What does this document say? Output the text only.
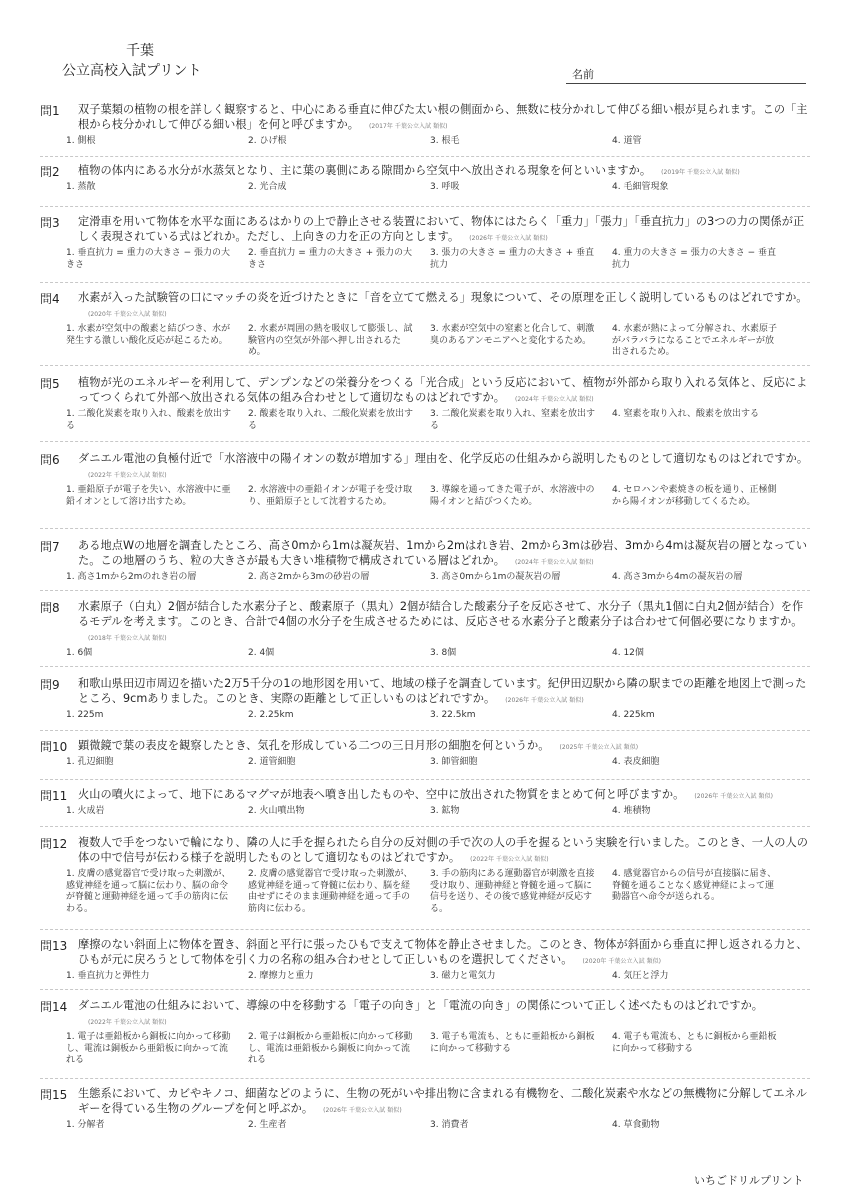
千葉
公立高校入試プリント	名前
問1	双子葉類の植物の根を詳しく観察すると、中心にある垂直に伸びた太い根の側面から、無数に枝分かれして伸びる細い根が見られます。この「主根から枝分かれして伸びる細い根」を何と呼びますか。 (2017年 千葉公立入試 類似)
1. 側根	2. ひげ根	3. 根毛	4. 道管
問2	植物の体内にある水分が水蒸気となり、主に葉の裏側にある隙間から空気中へ放出される現象を何といいますか。 (2019年 千葉公立入試 類似)
1. 蒸散	2. 光合成	3. 呼吸	4. 毛細管現象
問3	定滑車を用いて物体を水平な面にあるはかりの上で静止させる装置において、物体にはたらく「重力」「張力」「垂直抗力」の3つの力の関係が正しく表現されている式はどれか。ただし、上向きの力を正の方向とします。 (2026年 千葉公立入試 類似)
1. 垂直抗力 = 重力の大きさ − 張力の大きさ
2. 垂直抗力 = 重力の大きさ + 張力の大きさ
3. 張力の大きさ = 重力の大きさ + 垂直抗力
4. 重力の大きさ = 張力の大きさ − 垂直抗力
問4	水素が入った試験管の口にマッチの炎を近づけたときに「音を立てて燃える」現象について、その原理を正しく説明しているものはどれですか。(2020年 千葉公立入試 類似)
1. 水素が空気中の酸素と結びつき、水が発生する激しい酸化反応が起こるため。
2. 水素が周囲の熱を吸収して膨張し、試験管内の空気が外部へ押し出されるため。
3. 水素が空気中の窒素と化合して、刺激臭のあるアンモニアへと変化するため。
4. 水素が熱によって分解され、水素原子がバラバラになることでエネルギーが放出されるため。
問5	植物が光のエネルギーを利用して、デンプンなどの栄養分をつくる「光合成」という反応において、植物が外部から取り入れる気体と、反応によってつくられて外部へ放出される気体の組み合わせとして適切なものはどれですか。 (2024年 千葉公立入試 類似)
1. 二酸化炭素を取り入れ、酸素を放出する
2. 酸素を取り入れ、二酸化炭素を放出する
3. 二酸化炭素を取り入れ、窒素を放出する
4. 窒素を取り入れ、酸素を放出する
問6	ダニエル電池の負極付近で「水溶液中の陽イオンの数が増加する」理由を、化学反応の仕組みから説明したものとして適切なものはどれですか。(2022年 千葉公立入試 類似)
1. 亜鉛原子が電子を失い、水溶液中に亜鉛イオンとして溶け出すため。
2. 水溶液中の亜鉛イオンが電子を受け取り、亜鉛原子として沈着するため。
3. 導線を通ってきた電子が、水溶液中の陽イオンと結びつくため。
4. セロハンや素焼きの板を通り、正極側から陽イオンが移動してくるため。
問7	ある地点Wの地層を調査したところ、高さ0mから1mは凝灰岩、1mから2mはれき岩、2mから3mは砂岩、3mから4mは凝灰岩の層となっていた。この地層のうち、粒の大きさが最も大きい堆積物で構成されている層はどれか。 (2024年 千葉公立入試 類似)
1. 高さ1mから2mのれき岩の層	2. 高さ2mから3mの砂岩の層	3. 高さ0mから1mの凝灰岩の層	4. 高さ3mから4mの凝灰岩の層
問8	水素原子（白丸）2個が結合した水素分子と、酸素原子（黒丸）2個が結合した酸素分子を反応させて、水分子（黒丸1個に白丸2個が結合）を作るモデルを考えます。このとき、合計で4個の水分子を生成させるためには、反応させる水素分子と酸素分子は合わせて何個必要になりますか。(2018年 千葉公立入試 類似)
1. 6個	2. 4個	3. 8個	4. 12個
問9	和歌山県田辺市周辺を描いた2万5千分の1の地形図を用いて、地域の様子を調査しています。紀伊田辺駅から隣の駅までの距離を地図上で測ったところ、9cmありました。このとき、実際の距離として正しいものはどれですか。 (2026年 千葉公立入試 類似)
1. 225m	2. 2.25km	3. 22.5km	4. 225km
問10 顕微鏡で葉の表皮を観察したとき、気孔を形成している二つの三日月形の細胞を何というか。 (2025年 千葉公立入試 類似)
1. 孔辺細胞	2. 道管細胞	3. 師管細胞	4. 表皮細胞
問11 火山の噴火によって、地下にあるマグマが地表へ噴き出したものや、空中に放出された物質をまとめて何と呼びますか。 (2026年 千葉公立入試 類似)
1. 火成岩	2. 火山噴出物	3. 鉱物	4. 堆積物
問12 複数人で手をつないで輪になり、隣の人に手を握られたら自分の反対側の手で次の人の手を握るという実験を行いました。このとき、一人の人の体の中で信号が伝わる様子を説明したものとして適切なものはどれですか。 (2022年 千葉公立入試 類似)
1. 皮膚の感覚器官で受け取った刺激が、感覚神経を通って脳に伝わり、脳の命令が脊髄と運動神経を通って手の筋肉に伝わる。
2. 皮膚の感覚器官で受け取った刺激が、感覚神経を通って脊髄に伝わり、脳を経由せずにそのまま運動神経を通って手の筋肉に伝わる。
3. 手の筋肉にある運動器官が刺激を直接受け取り、運動神経と脊髄を通って脳に信号を送り、その後で感覚神経が反応する。
4. 感覚器官からの信号が直接脳に届き、脊髄を通ることなく感覚神経によって運動器官へ命令が送られる。
問13 摩擦のない斜面上に物体を置き、斜面と平行に張ったひもで支えて物体を静止させました。このとき、物体が斜面から垂直に押し返される力と、ひもが元に戻ろうとして物体を引く力の名称の組み合わせとして正しいものを選択してください。 (2020年 千葉公立入試 類似)
1. 垂直抗力と弾性力	2. 摩擦力と重力	3. 磁力と電気力	4. 気圧と浮力
問14 ダニエル電池の仕組みにおいて、導線の中を移動する「電子の向き」と「電流の向き」の関係について正しく述べたものはどれですか。(2022年 千葉公立入試 類似)
1. 電子は亜鉛板から銅板に向かって移動し、電流は銅板から亜鉛板に向かって流れる
2. 電子は銅板から亜鉛板に向かって移動し、電流は亜鉛板から銅板に向かって流れる
3. 電子も電流も、ともに亜鉛板から銅板に向かって移動する
4. 電子も電流も、ともに銅板から亜鉛板に向かって移動する
問15 生態系において、カビやキノコ、細菌などのように、生物の死がいや排出物に含まれる有機物を、二酸化炭素や水などの無機物に分解してエネルギーを得ている生物のグループを何と呼ぶか。 (2026年 千葉公立入試 類似)
1. 分解者	2. 生産者	3. 消費者	4. 草食動物
いちごドリルプリント
